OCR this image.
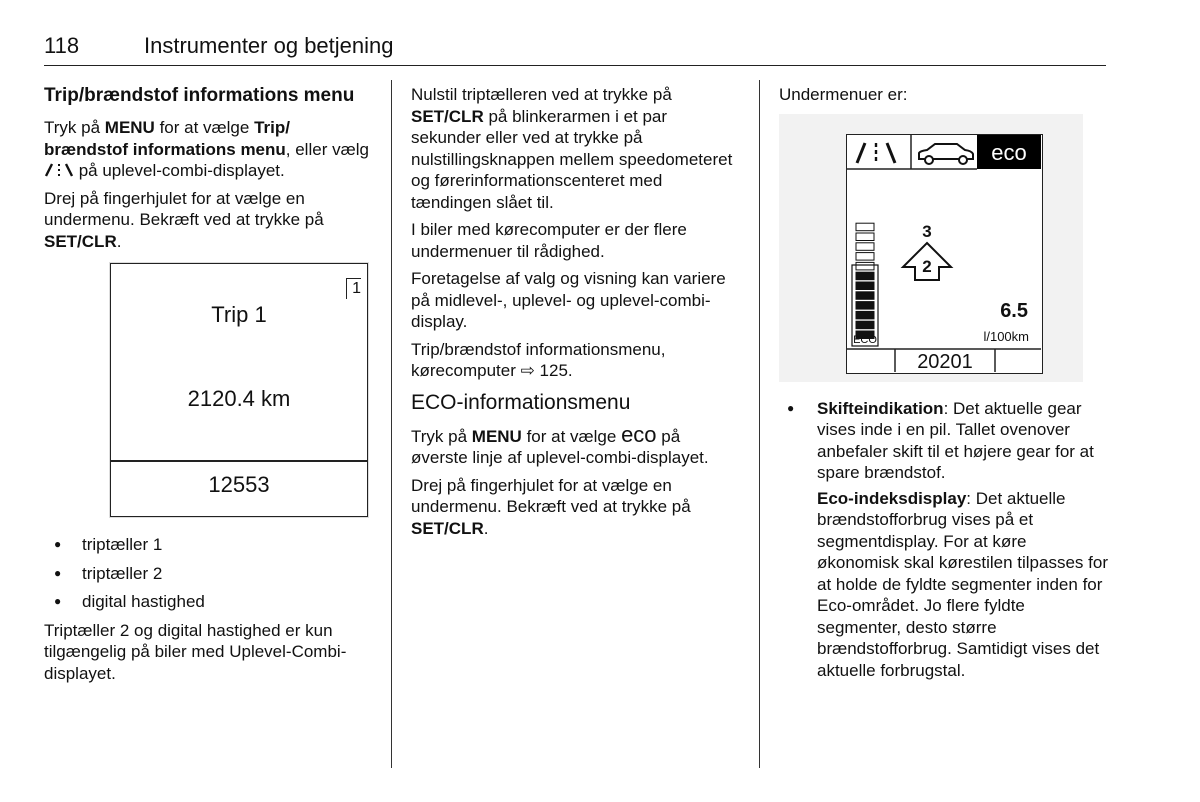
118	Instrumenter og betjening
Trip/brændstof informations menu

Tryk på MENU for at vælge Trip/ brændstof informations menu, eller vælg  på uplevel-combi-displayet.

Drej på fingerhjulet for at vælge en undermenu. Bekræft ved at trykke på SET/CLR.

1
Trip 1
2120.4 km
12553
● triptæller 1
● triptæller 2
● digital hastighed

Triptæller 2 og digital hastighed er kun tilgængelig på biler med Uplevel-Combi-displayet.

Nulstil triptælleren ved at trykke på SET/CLR på blinkerarmen i et par sekunder eller ved at trykke på nulstillingsknappen mellem speedometeret og førerinformationscenteret med tændingen slået til.

I biler med kørecomputer er der flere undermenuer til rådighed.

Foretagelse af valg og visning kan variere på midlevel-, uplevel- og uplevel-combi-display.

Trip/brændstof informationsmenu, kørecomputer ⇨ 125.

ECO-informationsmenu

Tryk på MENU for at vælge eco på øverste linje af uplevel-combi-displayet.

Drej på fingerhjulet for at vælge en undermenu. Bekræft ved at trykke på SET/CLR.

Undermenuer er:

eco
ECO
3
2
6.5
l/100km
20201
● Skifteindikation: Det aktuelle gear vises inde i en pil. Tallet ovenover anbefaler skift til et højere gear for at spare brændstof.

Eco-indeksdisplay: Det aktuelle brændstofforbrug vises på et segmentdisplay. For at køre økonomisk skal kørestilen tilpasses for at holde de fyldte segmenter inden for Eco-området. Jo flere fyldte segmenter, desto større brændstofforbrug. Samtidigt vises det aktuelle forbrugstal.
